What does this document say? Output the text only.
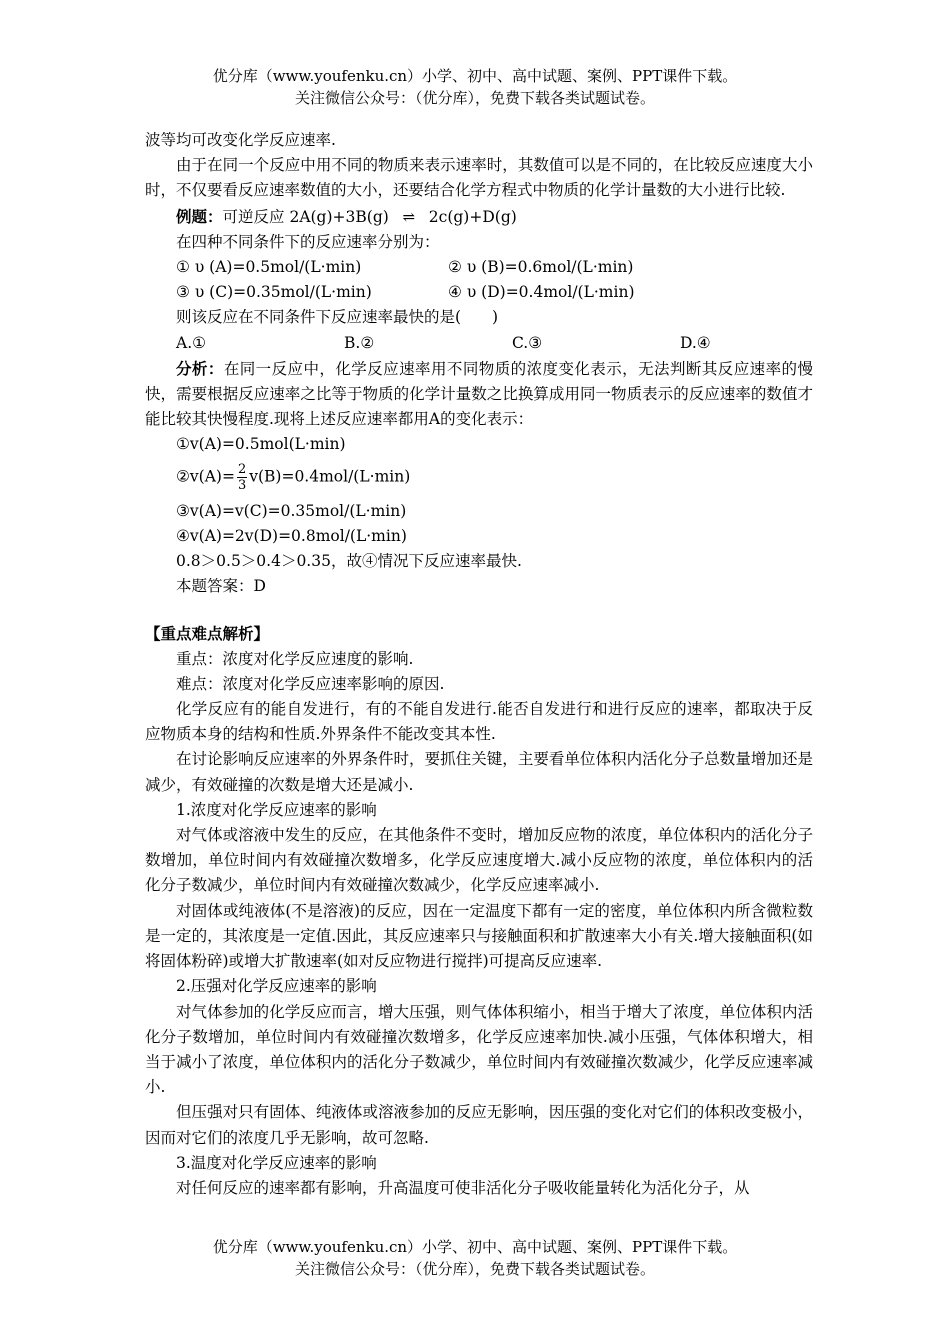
优分库（www.youfenku.cn）小学、初中、高中试题、案例、PPT课件下载。
关注微信公众号：（优分库），免费下载各类试题试卷。

波等均可改变化学反应速率.

由于在同一个反应中用不同的物质来表示速率时，其数值可以是不同的，在比较反应速度大小时，不仅要看反应速率数值的大小，还要结合化学方程式中物质的化学计量数的大小进行比较.

例题：可逆反应 2A(g)+3B(g) ⇌ 2c(g)+D(g)

在四种不同条件下的反应速率分别为：

① υ (A)=0.5mol/(L·min)	② υ (B)=0.6mol/(L·min)
③ υ (C)=0.35mol/(L·min)	④ υ (D)=0.4mol/(L·min)

则该反应在不同条件下反应速率最快的是(　　)

A.①	B.②	C.③	D.④

分析：在同一反应中，化学反应速率用不同物质的浓度变化表示，无法判断其反应速率的慢快，需要根据反应速率之比等于物质的化学计量数之比换算成用同一物质表示的反应速率的数值才能比较其快慢程度.现将上述反应速率都用A的变化表示：

①v(A)=0.5mol(L·min)

②v(A)= $\frac{2}{3} v(B)=0.4mol/(L\cdot\min)$

③v(A)=v(C)=0.35mol/(L·min)

④v(A)=2v(D)=0.8mol/(L·min)

0.8＞0.5＞0.4＞0.35，故④情况下反应速率最快.

本题答案：D

【重点难点解析】

重点：浓度对化学反应速度的影响.

难点：浓度对化学反应速率影响的原因.

化学反应有的能自发进行，有的不能自发进行.能否自发进行和进行反应的速率，都取决于反应物质本身的结构和性质.外界条件不能改变其本性.

在讨论影响反应速率的外界条件时，要抓住关键，主要看单位体积内活化分子总数量增加还是减少，有效碰撞的次数是增大还是减小.

1.浓度对化学反应速率的影响

对气体或溶液中发生的反应，在其他条件不变时，增加反应物的浓度，单位体积内的活化分子数增加，单位时间内有效碰撞次数增多，化学反应速度增大.减小反应物的浓度，单位体积内的活化分子数减少，单位时间内有效碰撞次数减少，化学反应速率减小.

对固体或纯液体(不是溶液)的反应，因在一定温度下都有一定的密度，单位体积内所含微粒数是一定的，其浓度是一定值.因此，其反应速率只与接触面积和扩散速率大小有关.增大接触面积(如将固体粉碎)或增大扩散速率(如对反应物进行搅拌)可提高反应速率.

2.压强对化学反应速率的影响

对气体参加的化学反应而言，增大压强，则气体体积缩小，相当于增大了浓度，单位体积内活化分子数增加，单位时间内有效碰撞次数增多，化学反应速率加快.减小压强，气体体积增大，相当于减小了浓度，单位体积内的活化分子数减少，单位时间内有效碰撞次数减少，化学反应速率减小.

但压强对只有固体、纯液体或溶液参加的反应无影响，因压强的变化对它们的体积改变极小，因而对它们的浓度几乎无影响，故可忽略.

3.温度对化学反应速率的影响

对任何反应的速率都有影响，升高温度可使非活化分子吸收能量转化为活化分子，从

优分库（www.youfenku.cn）小学、初中、高中试题、案例、PPT课件下载。
关注微信公众号：（优分库），免费下载各类试题试卷。
